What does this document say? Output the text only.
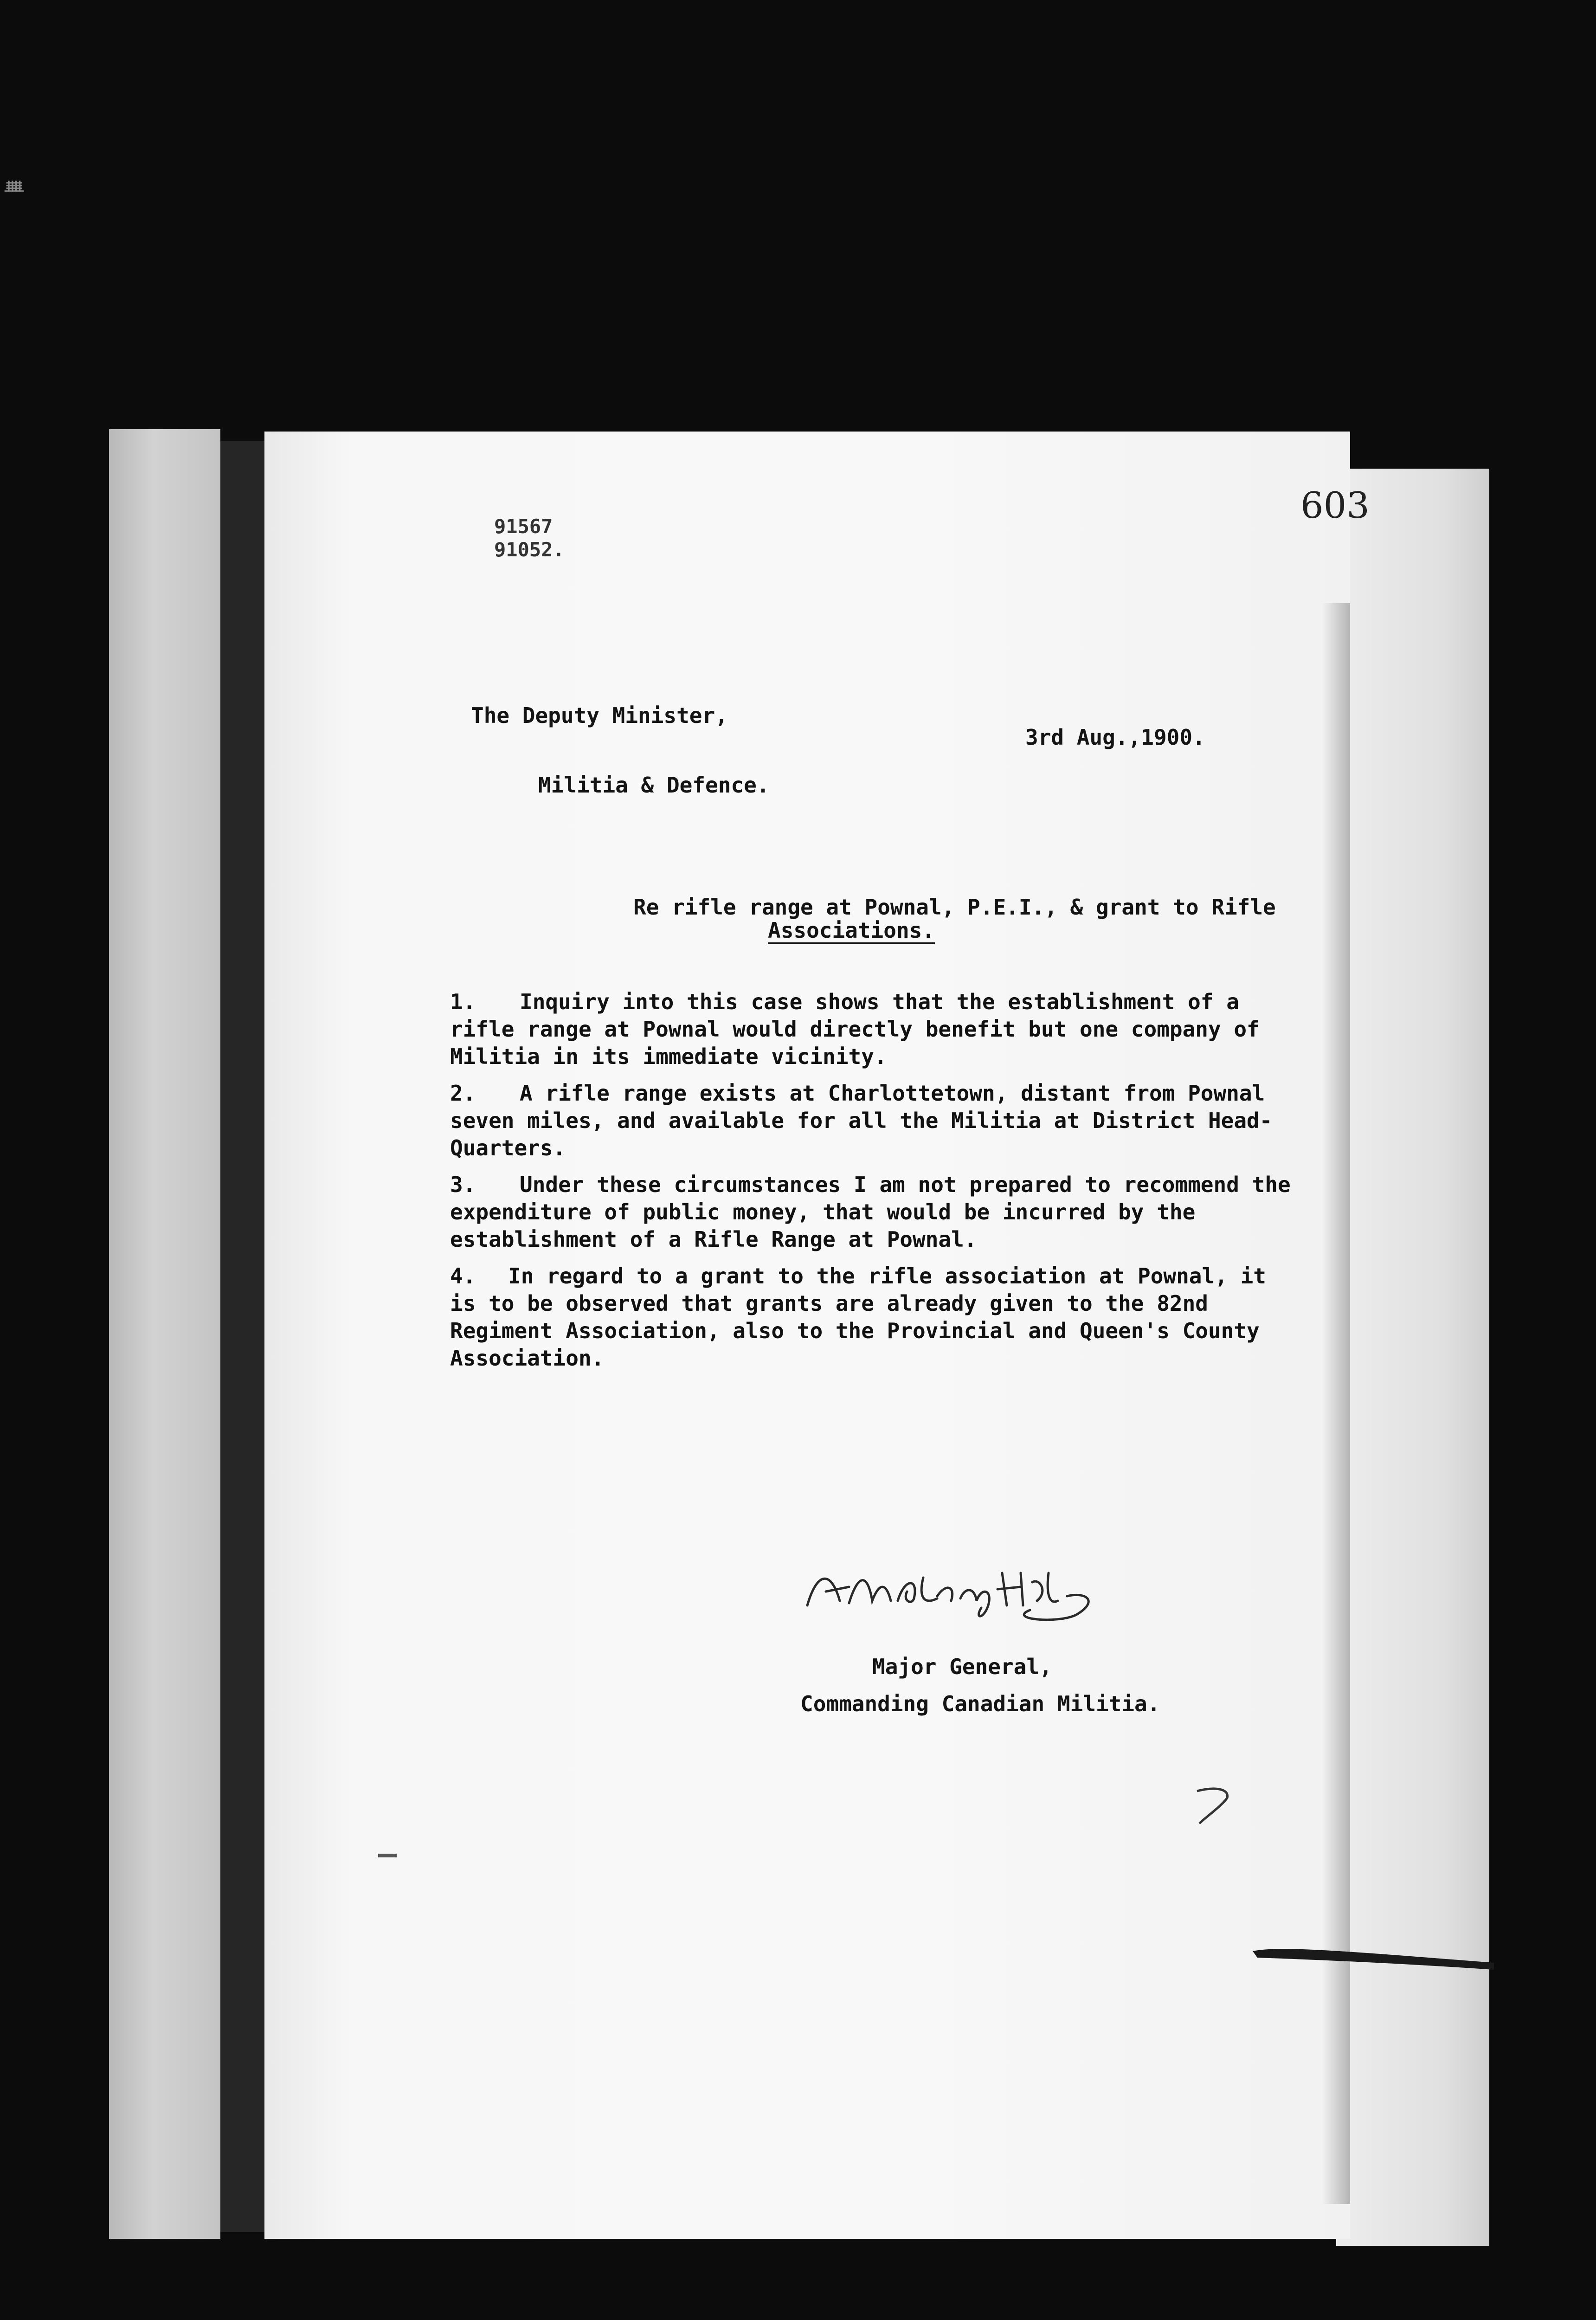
ᚙ
603
91567
91052.
The Deputy Minister,
3rd Aug.,1900.
Militia & Defence.
Re rifle range at Pownal, P.E.I., & grant to Rifle
Associations.

1. Inquiry into this case shows that the establishment of a rifle range at Pownal would directly benefit but one company of Militia in its immediate vicinity.

2. A rifle range exists at Charlottetown, distant from Pownal seven miles, and available for all the Militia at District Head-Quarters.

3. Under these circumstances I am not prepared to recommend the expenditure of public money, that would be incurred by the establishment of a Rifle Range at Pownal.

4. In regard to a grant to the rifle association at Pownal, it is to be observed that grants are already given to the 82nd Regiment Association, also to the Provincial and Queen's County Association.

Major General,
Commanding Canadian Militia.
